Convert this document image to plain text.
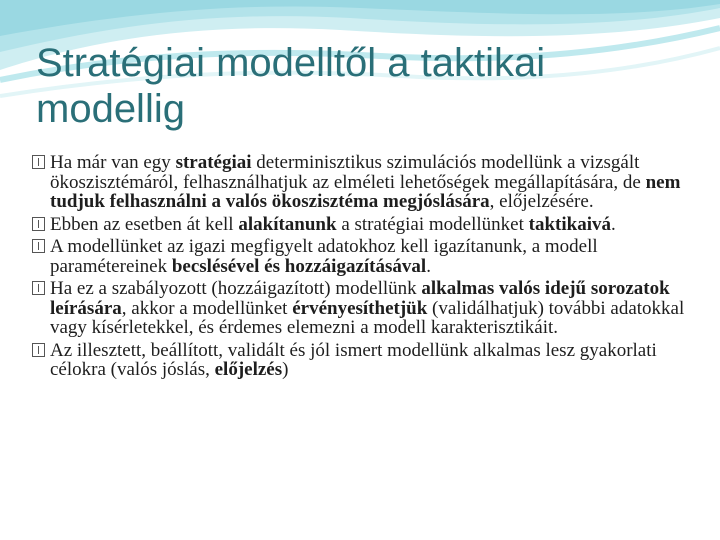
Stratégiai modelltől a taktikai modellig
Ha már van egy stratégiai determinisztikus szimulációs modellünk a vizsgált ökoszisztémáról, felhasználhatjuk az elméleti lehetőségek megállapítására, de nem tudjuk felhasználni a valós ökoszisztéma megjóslására, előjelzésére.
Ebben az esetben át kell alakítanunk a stratégiai modellünket taktikaivá.
A modellünket az igazi megfigyelt adatokhoz kell igazítanunk, a modell paramétereinek becslésével és hozzáigazításával.
Ha ez a szabályozott (hozzáigazított) modellünk alkalmas valós idejű sorozatok leírására, akkor a modellünket érvényesíthetjük (validálhatjuk) további adatokkal vagy kísérletekkel, és érdemes elemezni a modell karakterisztikáit.
Az illesztett, beállított, validált és jól ismert modellünk alkalmas lesz gyakorlati célokra (valós jóslás, előjelzés)
